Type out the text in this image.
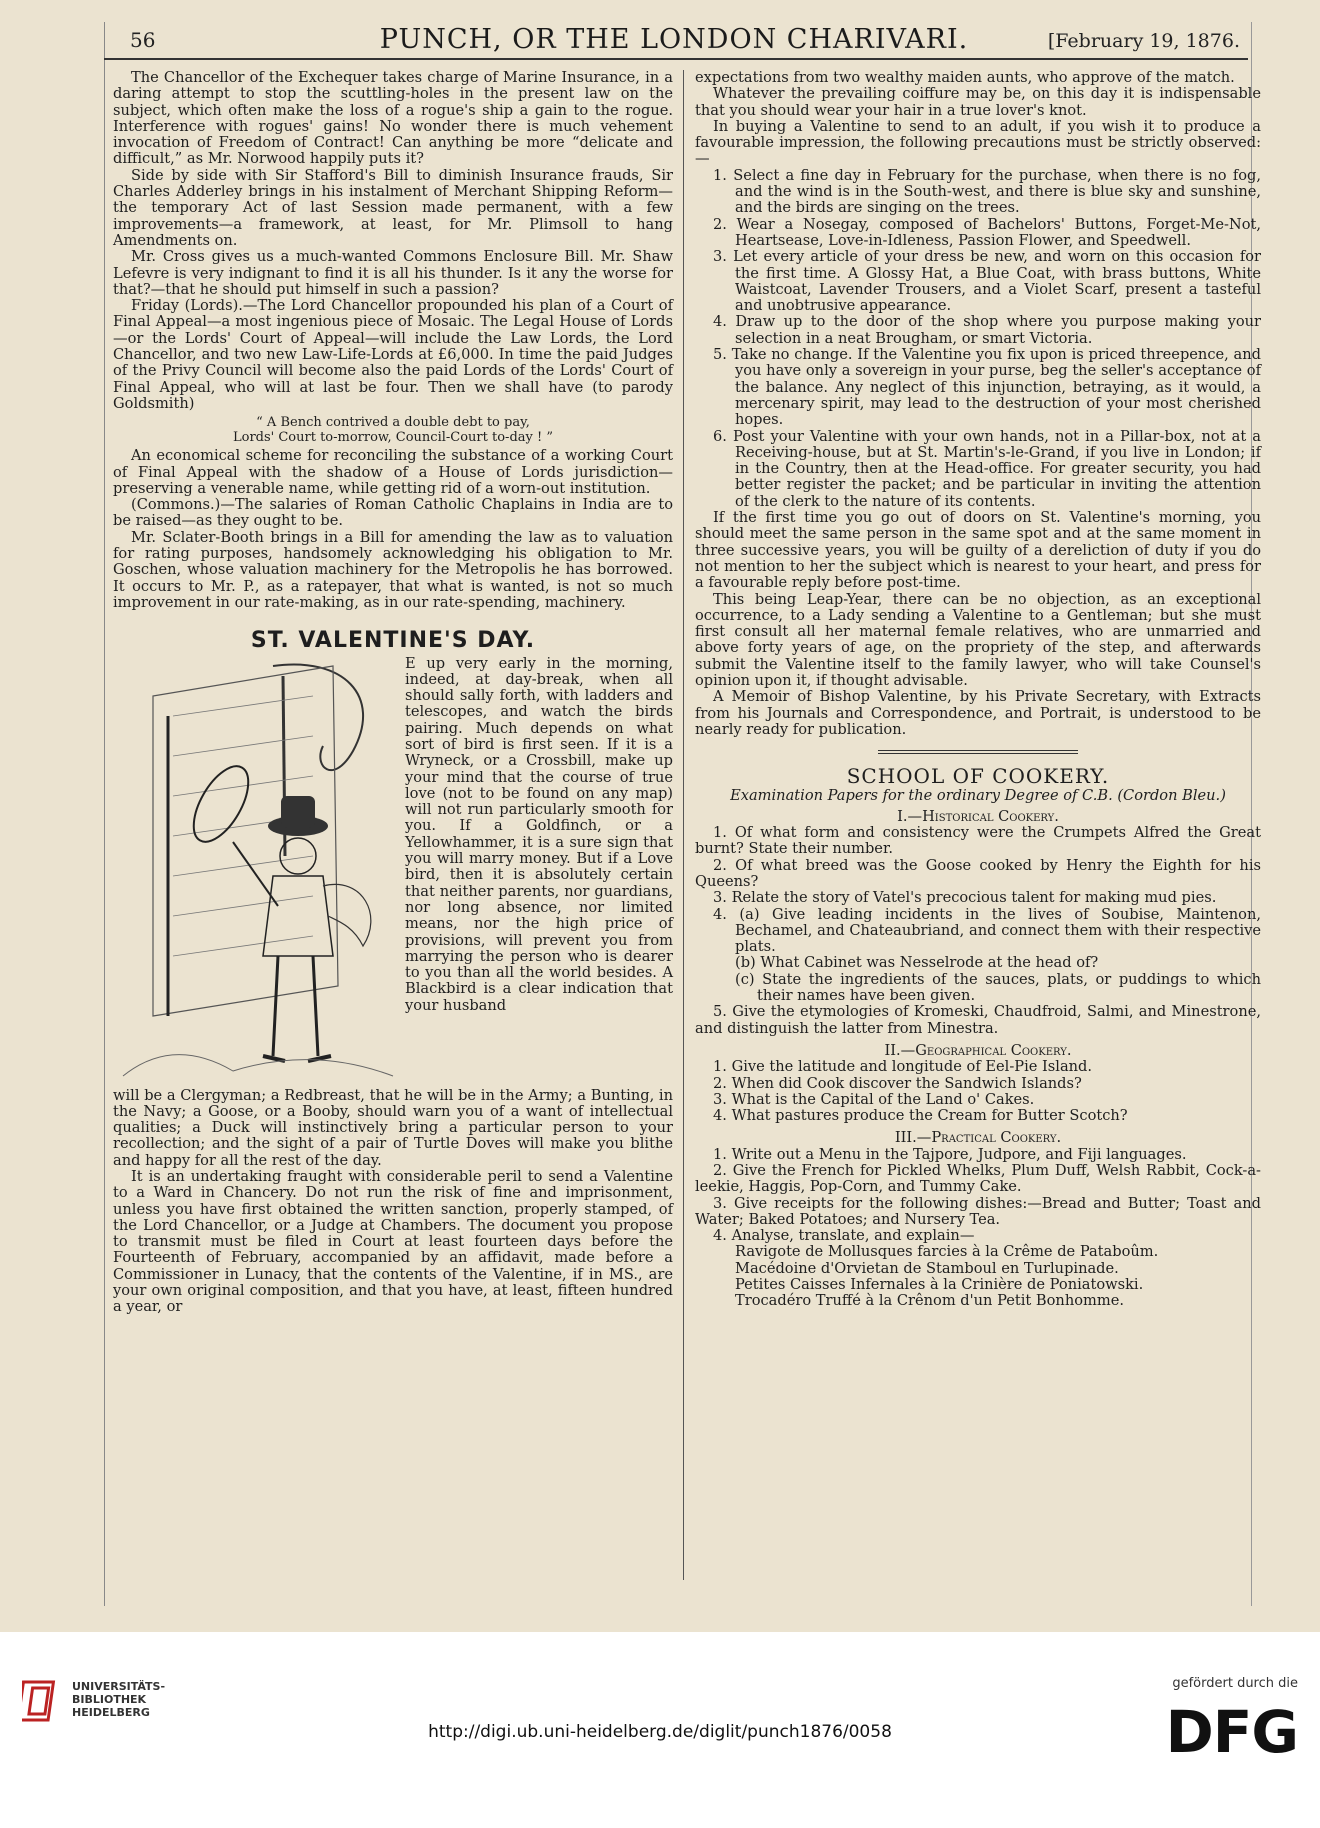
56	PUNCH, OR THE LONDON CHARIVARI.	[February 19, 1876.

The Chancellor of the Exchequer takes charge of Marine Insurance, in a daring attempt to stop the scuttling-holes in the present law on the subject, which often make the loss of a rogue's ship a gain to the rogue. Interference with rogues' gains! No wonder there is much vehement invocation of Freedom of Contract! Can anything be more “delicate and difficult,” as Mr. Norwood happily puts it?

Side by side with Sir Stafford's Bill to diminish Insurance frauds, Sir Charles Adderley brings in his instalment of Merchant Shipping Reform—the temporary Act of last Session made permanent, with a few improvements—a framework, at least, for Mr. Plimsoll to hang Amendments on.

Mr. Cross gives us a much-wanted Commons Enclosure Bill. Mr. Shaw Lefevre is very indignant to find it is all his thunder. Is it any the worse for that?—that he should put himself in such a passion?

Friday (Lords).—The Lord Chancellor propounded his plan of a Court of Final Appeal—a most ingenious piece of Mosaic. The Legal House of Lords—or the Lords' Court of Appeal—will include the Law Lords, the Lord Chancellor, and two new Law-Life-Lords at £6,000. In time the paid Judges of the Privy Council will become also the paid Lords of the Lords' Court of Final Appeal, who will at last be four. Then we shall have (to parody Goldsmith)

“ A Bench contrived a double debt to pay,
Lords' Court to-morrow, Council-Court to-day ! ”

An economical scheme for reconciling the substance of a working Court of Final Appeal with the shadow of a House of Lords jurisdiction—preserving a venerable name, while getting rid of a worn-out institution.

(Commons.)—The salaries of Roman Catholic Chaplains in India are to be raised—as they ought to be.

Mr. Sclater-Booth brings in a Bill for amending the law as to valuation for rating purposes, handsomely acknowledging his obligation to Mr. Goschen, whose valuation machinery for the Metropolis he has borrowed. It occurs to Mr. P., as a ratepayer, that what is wanted, is not so much improvement in our rate-making, as in our rate-spending, machinery.

ST. VALENTINE'S DAY.

E up very early in the morning, indeed, at day-break, when all should sally forth, with ladders and telescopes, and watch the birds pairing. Much depends on what sort of bird is first seen. If it is a Wryneck, or a Crossbill, make up your mind that the course of true love (not to be found on any map) will not run particularly smooth for you. If a Goldfinch, or a Yellowhammer, it is a sure sign that you will marry money. But if a Love bird, then it is absolutely certain that neither parents, nor guardians, nor long absence, nor limited means, nor the high price of provisions, will prevent you from marrying the person who is dearer to you than all the world besides. A Blackbird is a clear indication that your husband

will be a Clergyman; a Redbreast, that he will be in the Army; a Bunting, in the Navy; a Goose, or a Booby, should warn you of a want of intellectual qualities; a Duck will instinctively bring a particular person to your recollection; and the sight of a pair of Turtle Doves will make you blithe and happy for all the rest of the day.

It is an undertaking fraught with considerable peril to send a Valentine to a Ward in Chancery. Do not run the risk of fine and imprisonment, unless you have first obtained the written sanction, properly stamped, of the Lord Chancellor, or a Judge at Chambers. The document you propose to transmit must be filed in Court at least fourteen days before the Fourteenth of February, accompanied by an affidavit, made before a Commissioner in Lunacy, that the contents of the Valentine, if in MS., are your own original composition, and that you have, at least, fifteen hundred a year, or

expectations from two wealthy maiden aunts, who approve of the match.

Whatever the prevailing coiffure may be, on this day it is indispensable that you should wear your hair in a true lover's knot.

In buying a Valentine to send to an adult, if you wish it to produce a favourable impression, the following precautions must be strictly observed:—

1. Select a fine day in February for the purchase, when there is no fog, and the wind is in the South-west, and there is blue sky and sunshine, and the birds are singing on the trees.

2. Wear a Nosegay, composed of Bachelors' Buttons, Forget-Me-Not, Heartsease, Love-in-Idleness, Passion Flower, and Speedwell.

3. Let every article of your dress be new, and worn on this occasion for the first time. A Glossy Hat, a Blue Coat, with brass buttons, White Waistcoat, Lavender Trousers, and a Violet Scarf, present a tasteful and unobtrusive appearance.

4. Draw up to the door of the shop where you purpose making your selection in a neat Brougham, or smart Victoria.

5. Take no change. If the Valentine you fix upon is priced threepence, and you have only a sovereign in your purse, beg the seller's acceptance of the balance. Any neglect of this injunction, betraying, as it would, a mercenary spirit, may lead to the destruction of your most cherished hopes.

6. Post your Valentine with your own hands, not in a Pillar-box, not at a Receiving-house, but at St. Martin's-le-Grand, if you live in London; if in the Country, then at the Head-office. For greater security, you had better register the packet; and be particular in inviting the attention of the clerk to the nature of its contents.

If the first time you go out of doors on St. Valentine's morning, you should meet the same person in the same spot and at the same moment in three successive years, you will be guilty of a dereliction of duty if you do not mention to her the subject which is nearest to your heart, and press for a favourable reply before post-time.

This being Leap-Year, there can be no objection, as an exceptional occurrence, to a Lady sending a Valentine to a Gentleman; but she must first consult all her maternal female relatives, who are unmarried and above forty years of age, on the propriety of the step, and afterwards submit the Valentine itself to the family lawyer, who will take Counsel's opinion upon it, if thought advisable.

A Memoir of Bishop Valentine, by his Private Secretary, with Extracts from his Journals and Correspondence, and Portrait, is understood to be nearly ready for publication.

SCHOOL OF COOKERY.

Examination Papers for the ordinary Degree of C.B. (Cordon Bleu.)

I.—Historical Cookery.

1. Of what form and consistency were the Crumpets Alfred the Great burnt? State their number.

2. Of what breed was the Goose cooked by Henry the Eighth for his Queens?

3. Relate the story of Vatel's precocious talent for making mud pies.

4. (a) Give leading incidents in the lives of Soubise, Maintenon, Bechamel, and Chateaubriand, and connect them with their respective plats.

(b) What Cabinet was Nesselrode at the head of?

(c) State the ingredients of the sauces, plats, or puddings to which their names have been given.

5. Give the etymologies of Kromeski, Chaudfroid, Salmi, and Minestrone, and distinguish the latter from Minestra.

II.—Geographical Cookery.

1. Give the latitude and longitude of Eel-Pie Island.

2. When did Cook discover the Sandwich Islands?

3. What is the Capital of the Land o' Cakes.

4. What pastures produce the Cream for Butter Scotch?

III.—Practical Cookery.

1. Write out a Menu in the Tajpore, Judpore, and Fiji languages.

2. Give the French for Pickled Whelks, Plum Duff, Welsh Rabbit, Cock-a-leekie, Haggis, Pop-Corn, and Tummy Cake.

3. Give receipts for the following dishes:—Bread and Butter; Toast and Water; Baked Potatoes; and Nursery Tea.

4. Analyse, translate, and explain—

Ravigote de Mollusques farcies à la Crême de Pataboûm.

Macédoine d'Orvietan de Stamboul en Turlupinade.

Petites Caisses Infernales à la Crinière de Poniatowski.

Trocadéro Truffé à la Crênom d'un Petit Bonhomme.

UNIVERSITÄTS-
BIBLIOTHEK
HEIDELBERG
http://digi.ub.uni-heidelberg.de/diglit/punch1876/0058
gefördert durch die
DFG
